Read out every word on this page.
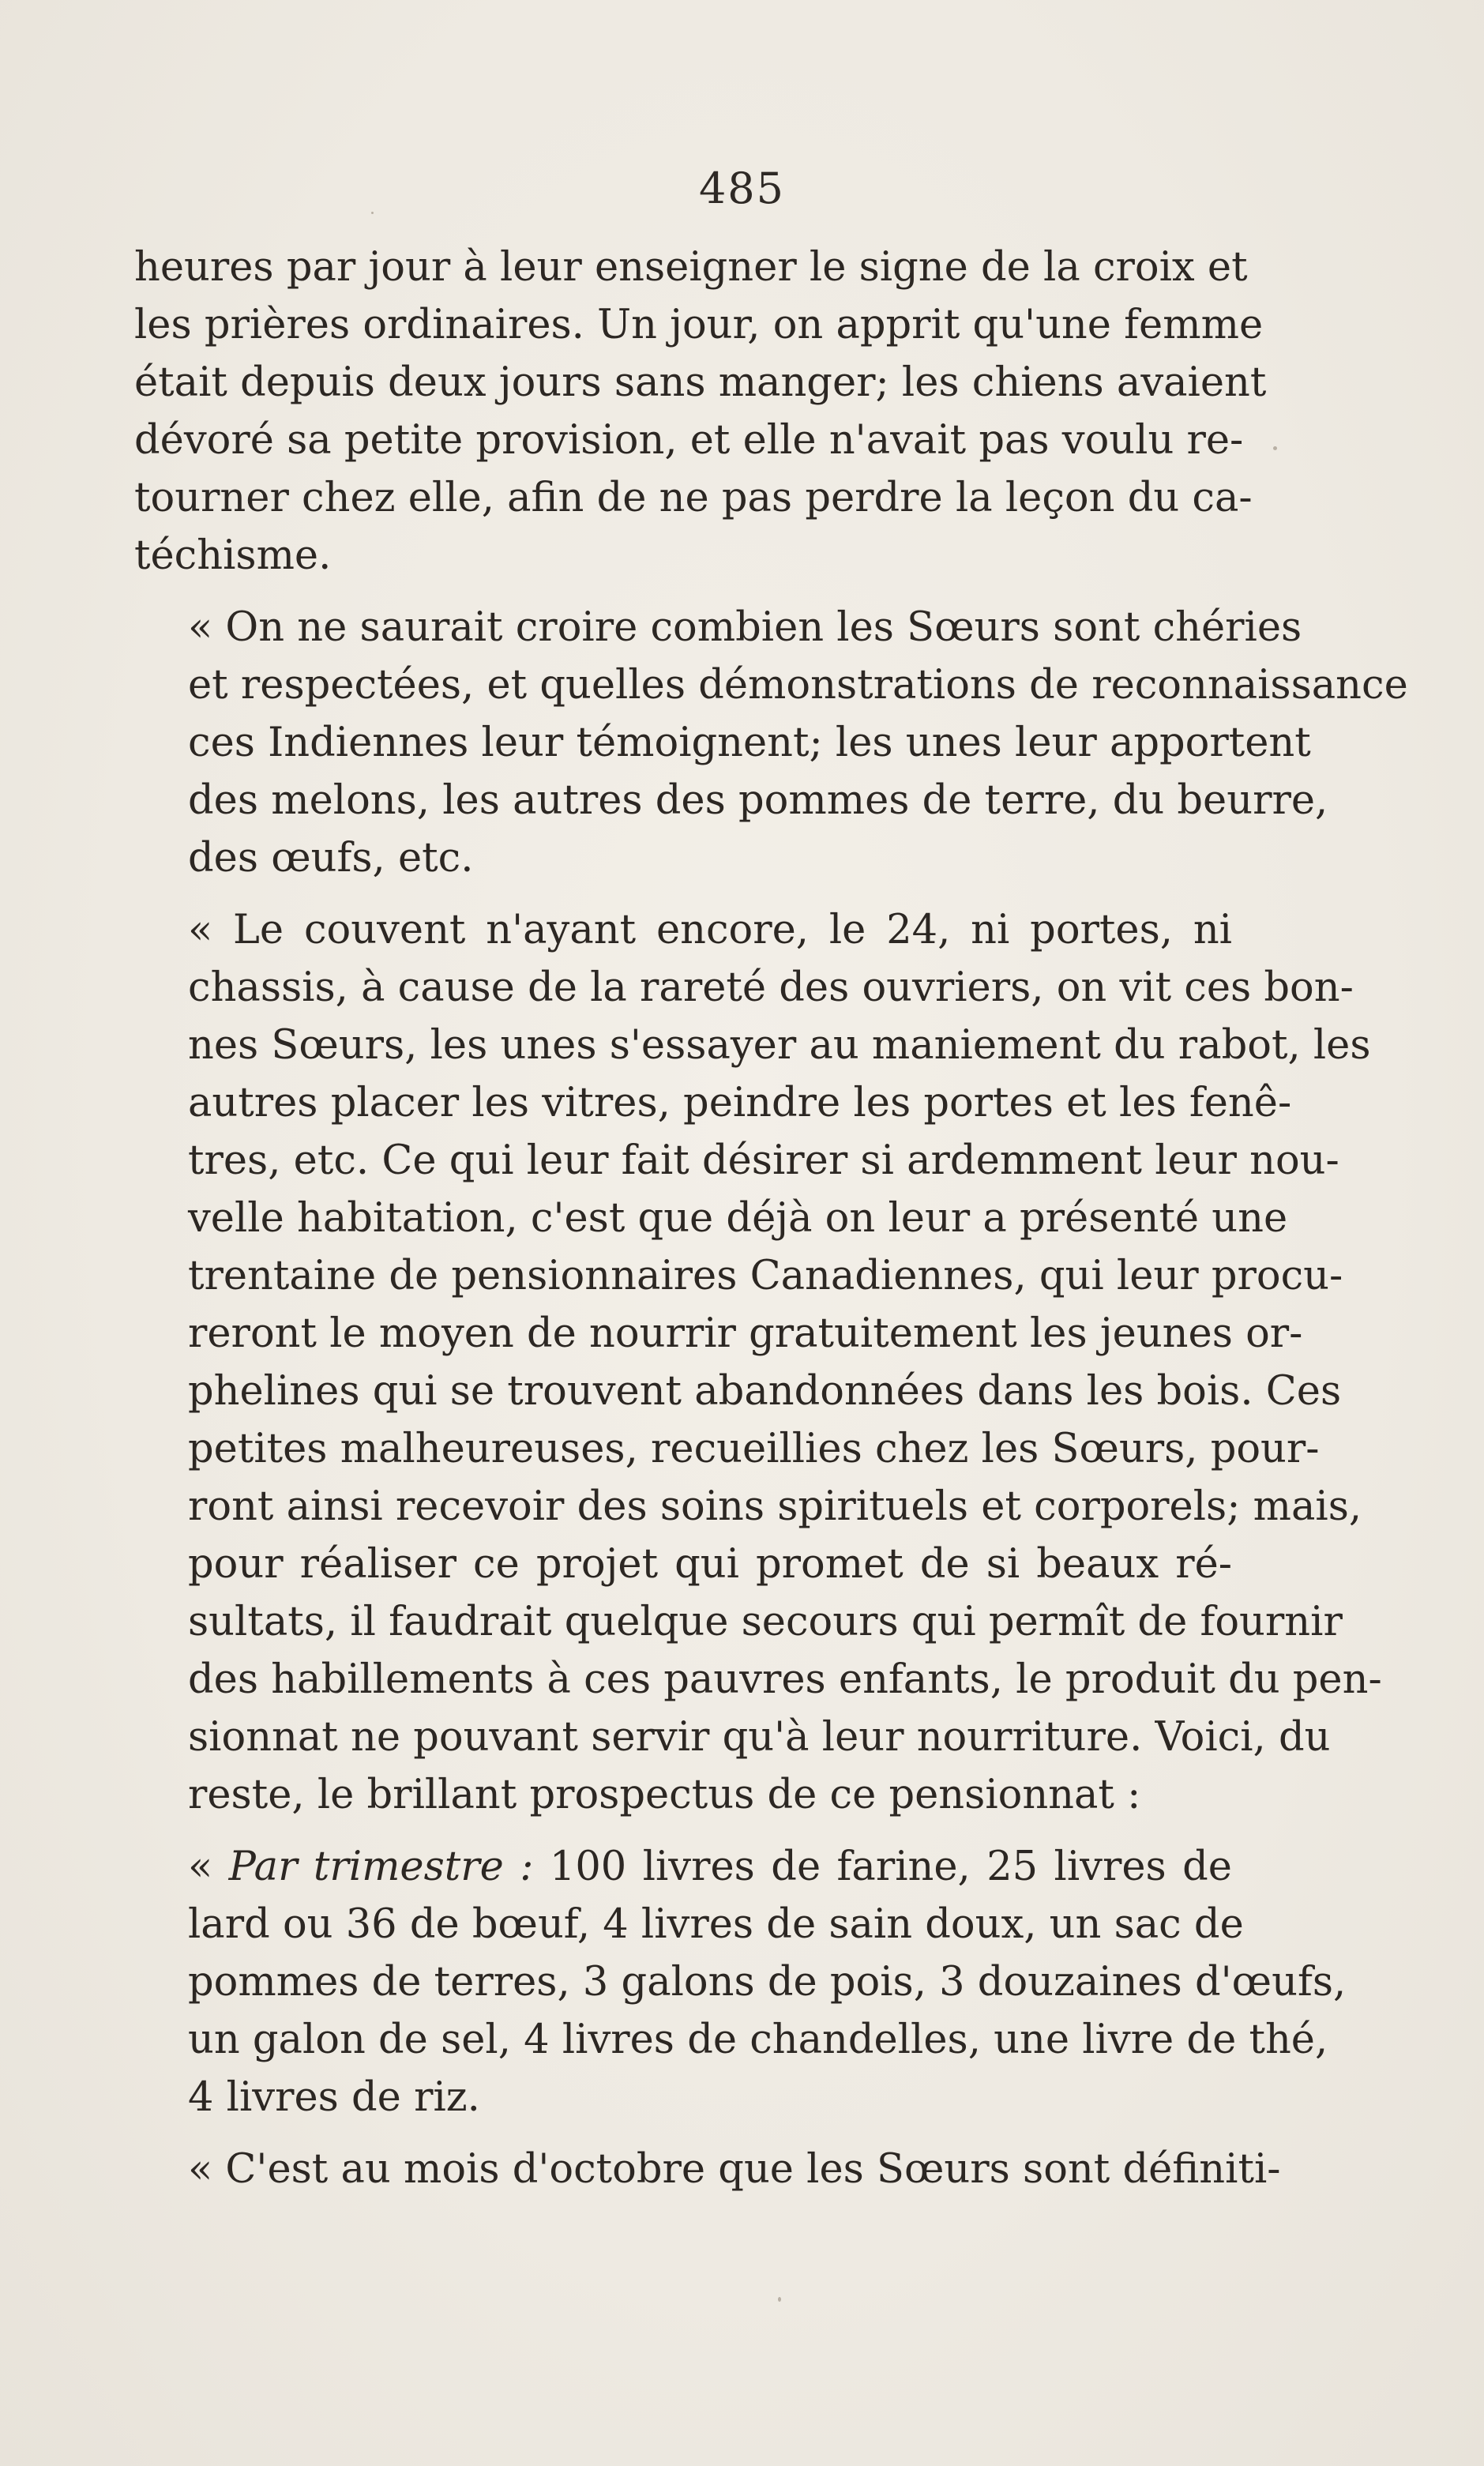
485

heures par jour à leur enseigner le signe de la croix et
les prières ordinaires. Un jour, on apprit qu'une femme
était depuis deux jours sans manger; les chiens avaient
dévoré sa petite provision, et elle n'avait pas voulu re-
tourner chez elle, afin de ne pas perdre la leçon du ca-
téchisme.

« On ne saurait croire combien les Sœurs sont chéries
et respectées, et quelles démonstrations de reconnaissance
ces Indiennes leur témoignent; les unes leur apportent
des melons, les autres des pommes de terre, du beurre,
des œufs, etc.

« Le couvent n'ayant encore, le 24, ni portes, ni
chassis, à cause de la rareté des ouvriers, on vit ces bon-
nes Sœurs, les unes s'essayer au maniement du rabot, les
autres placer les vitres, peindre les portes et les fenê-
tres, etc. Ce qui leur fait désirer si ardemment leur nou-
velle habitation, c'est que déjà on leur a présenté une
trentaine de pensionnaires Canadiennes, qui leur procu-
reront le moyen de nourrir gratuitement les jeunes or-
phelines qui se trouvent abandonnées dans les bois. Ces
petites malheureuses, recueillies chez les Sœurs, pour-
ront ainsi recevoir des soins spirituels et corporels; mais,
pour réaliser ce projet qui promet de si beaux ré-
sultats, il faudrait quelque secours qui permît de fournir
des habillements à ces pauvres enfants, le produit du pen-
sionnat ne pouvant servir qu'à leur nourriture. Voici, du
reste, le brillant prospectus de ce pensionnat :

« Par trimestre : 100 livres de farine, 25 livres de
lard ou 36 de bœuf, 4 livres de sain doux, un sac de
pommes de terres, 3 galons de pois, 3 douzaines d'œufs,
un galon de sel, 4 livres de chandelles, une livre de thé,
4 livres de riz.

« C'est au mois d'octobre que les Sœurs sont définiti-
